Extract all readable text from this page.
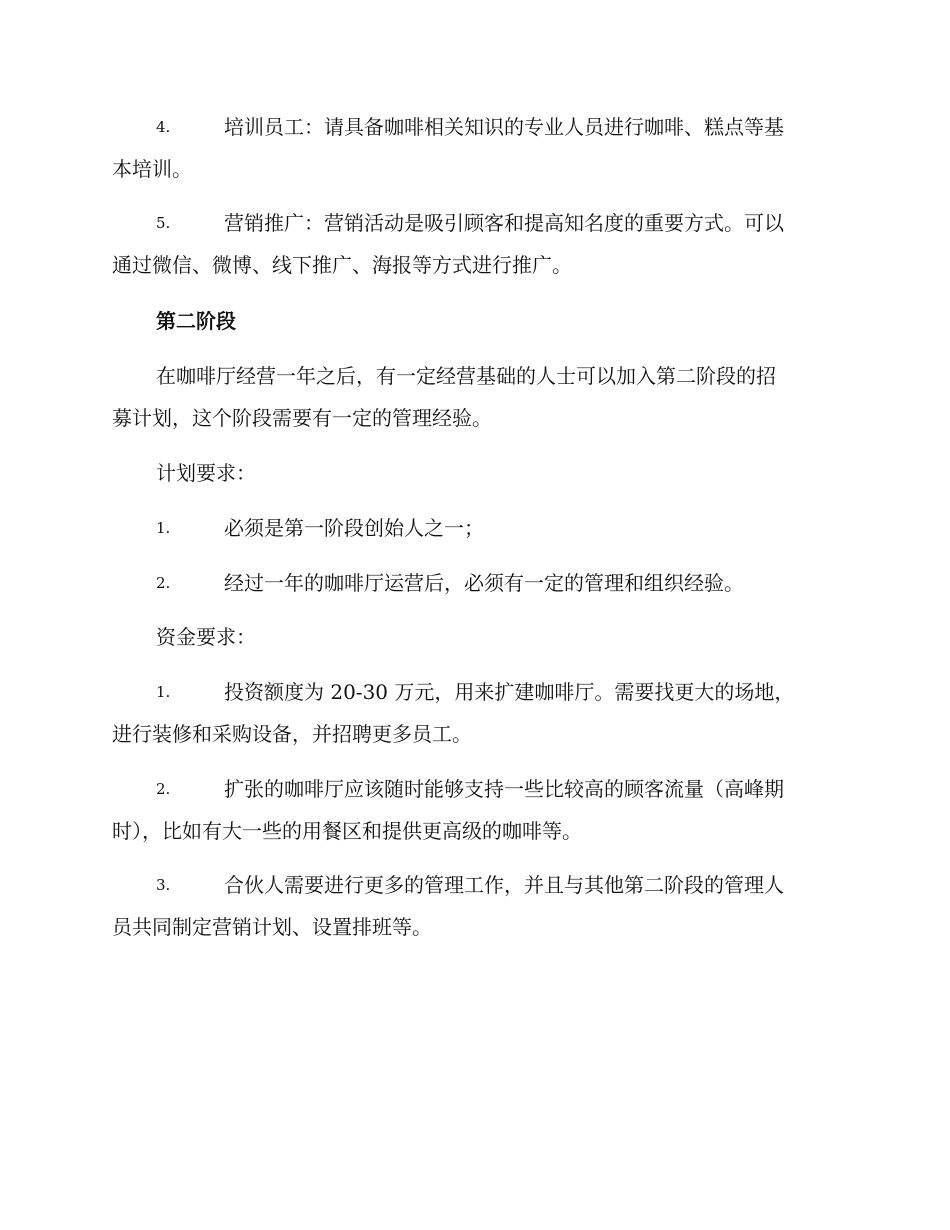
4.	培训员工：请具备咖啡相关知识的专业人员进行咖啡、糕点等基
本培训。
5.	营销推广：营销活动是吸引顾客和提高知名度的重要方式。可以
通过微信、微博、线下推广、海报等方式进行推广。
第二阶段
在咖啡厅经营一年之后，有一定经营基础的人士可以加入第二阶段的招
募计划，这个阶段需要有一定的管理经验。
计划要求：
1.	必须是第一阶段创始人之一；
2.	经过一年的咖啡厅运营后，必须有一定的管理和组织经验。
资金要求：
1.	投资额度为 20-30 万元，用来扩建咖啡厅。需要找更大的场地，
进行装修和采购设备，并招聘更多员工。
2.	扩张的咖啡厅应该随时能够支持一些比较高的顾客流量（高峰期
时），比如有大一些的用餐区和提供更高级的咖啡等。
3.	合伙人需要进行更多的管理工作，并且与其他第二阶段的管理人
员共同制定营销计划、设置排班等。
